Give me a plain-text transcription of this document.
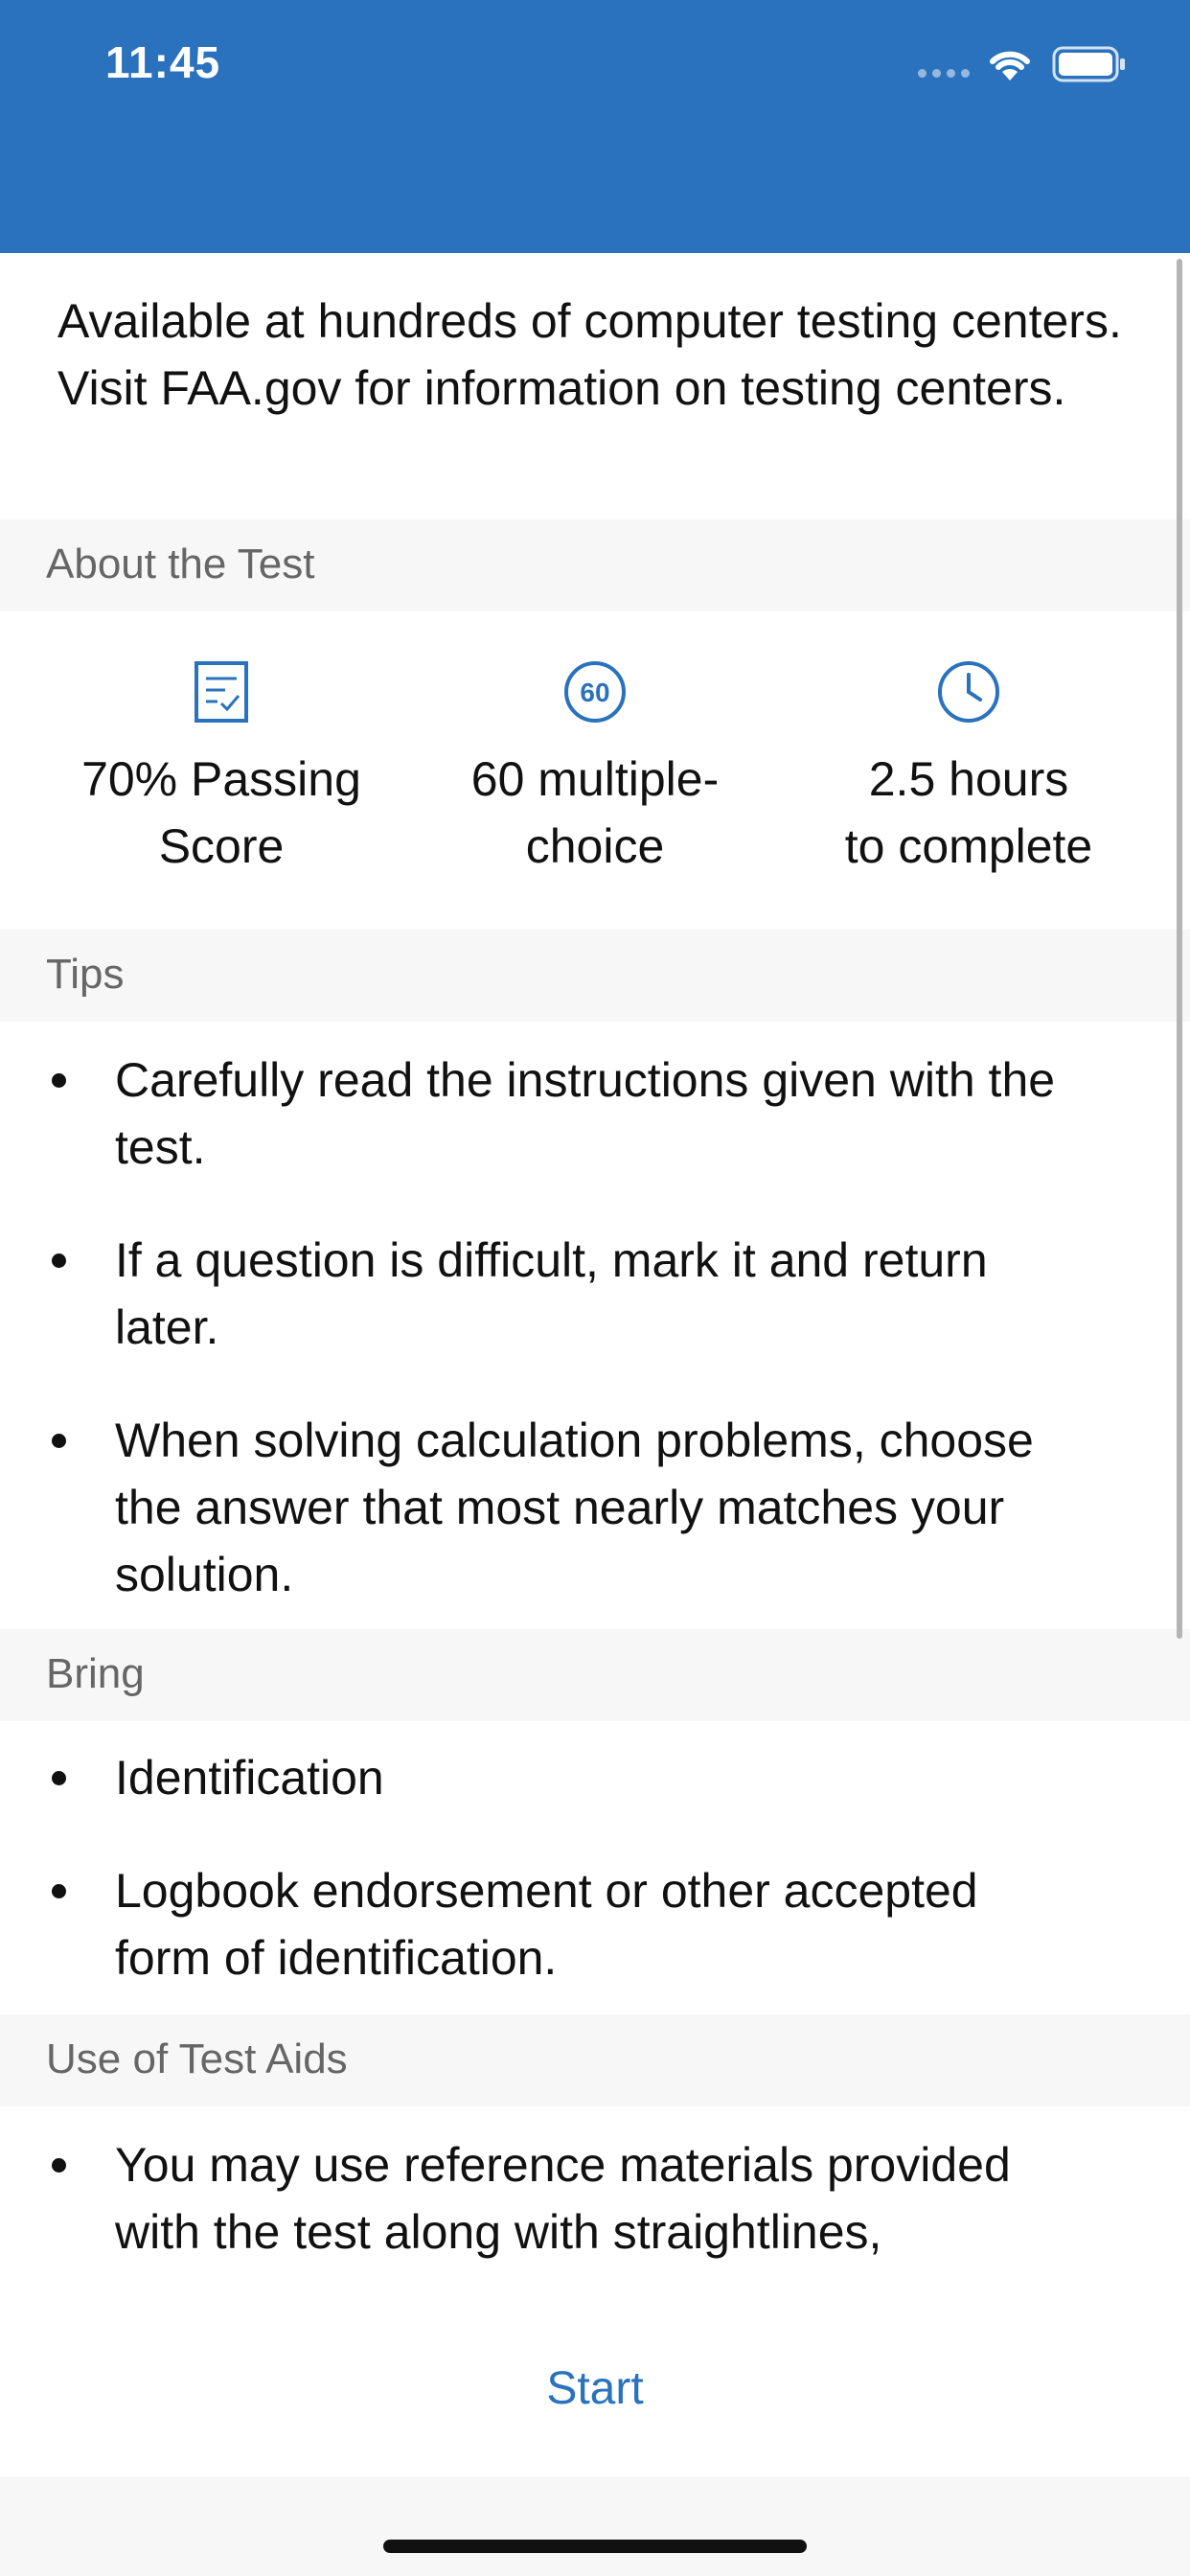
11:45
Available at hundreds of computer testing centers. Visit FAA.gov for information on testing centers.
About the Test
70% Passing
Score
60
60 multiple-
choice
2.5 hours
to complete
Tips
Carefully read the instructions given with the test.
If a question is difficult, mark it and return later.
When solving calculation problems, choose the answer that most nearly matches your solution.
Bring
Identification
Logbook endorsement or other accepted form of identification.
Use of Test Aids
You may use reference materials provided with the test along with straightlines,
Start
